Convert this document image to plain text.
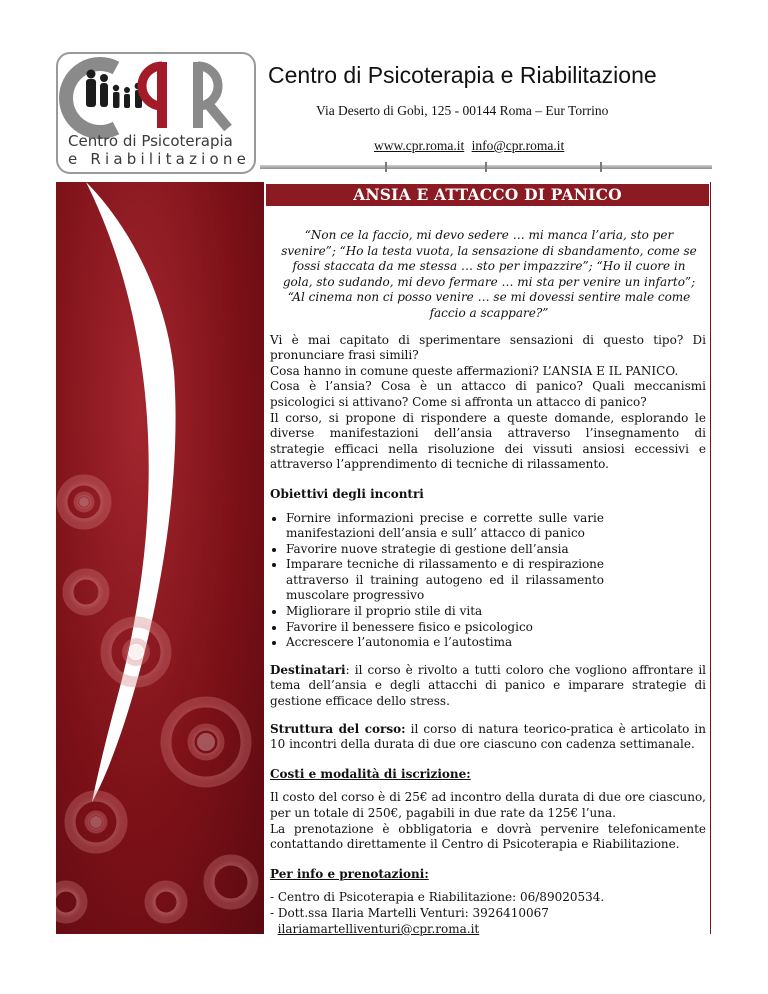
Centro di Psicoterapia
e Riabilitazione
Centro di Psicoterapia e Riabilitazione
Via Deserto di Gobi, 125 - 00144 Roma – Eur Torrino
www.cpr.roma.it info@cpr.roma.it
ANSIA E ATTACCO DI PANICO

“Non ce la faccio, mi devo sedere … mi manca l’aria, sto per svenire”; “Ho la testa vuota, la sensazione di sbandamento, come se fossi staccata da me stessa … sto per impazzire”; “Ho il cuore in gola, sto sudando, mi devo fermare … mi sta per venire un infarto”; “Al cinema non ci posso venire … se mi dovessi sentire male come faccio a scappare?”

Vi è mai capitato di sperimentare sensazioni di questo tipo? Di pronunciare frasi simili?

Cosa hanno in comune queste affermazioni? L’ANSIA E IL PANICO.

Cosa è l’ansia? Cosa è un attacco di panico? Quali meccanismi psicologici si attivano? Come si affronta un attacco di panico?

Il corso, si propone di rispondere a queste domande, esplorando le diverse manifestazioni dell’ansia attraverso l’insegnamento di strategie efficaci nella risoluzione dei vissuti ansiosi eccessivi e attraverso l’apprendimento di tecniche di rilassamento.

Obiettivi degli incontri
• Fornire informazioni precise e corrette sulle varie manifestazioni dell’ansia e sull’ attacco di panico
• Favorire nuove strategie di gestione dell’ansia
• Imparare tecniche di rilassamento e di respirazione attraverso il training autogeno ed il rilassamento muscolare progressivo
• Migliorare il proprio stile di vita
• Favorire il benessere fisico e psicologico
• Accrescere l’autonomia e l’autostima

Destinatari: il corso è rivolto a tutti coloro che vogliono affrontare il tema dell’ansia e degli attacchi di panico e imparare strategie di gestione efficace dello stress.

Struttura del corso: il corso di natura teorico-pratica è articolato in 10 incontri della durata di due ore ciascuno con cadenza settimanale.

Costi e modalità di iscrizione:

Il costo del corso è di 25€ ad incontro della durata di due ore ciascuno, per un totale di 250€, pagabili in due rate da 125€ l’una.

La prenotazione è obbligatoria e dovrà pervenire telefonicamente contattando direttamente il Centro di Psicoterapia e Riabilitazione.

Per info e prenotazioni:

- Centro di Psicoterapia e Riabilitazione: 06/89020534.

- Dott.ssa Ilaria Martelli Venturi: 3926410067

ilariamartelliventuri@cpr.roma.it
